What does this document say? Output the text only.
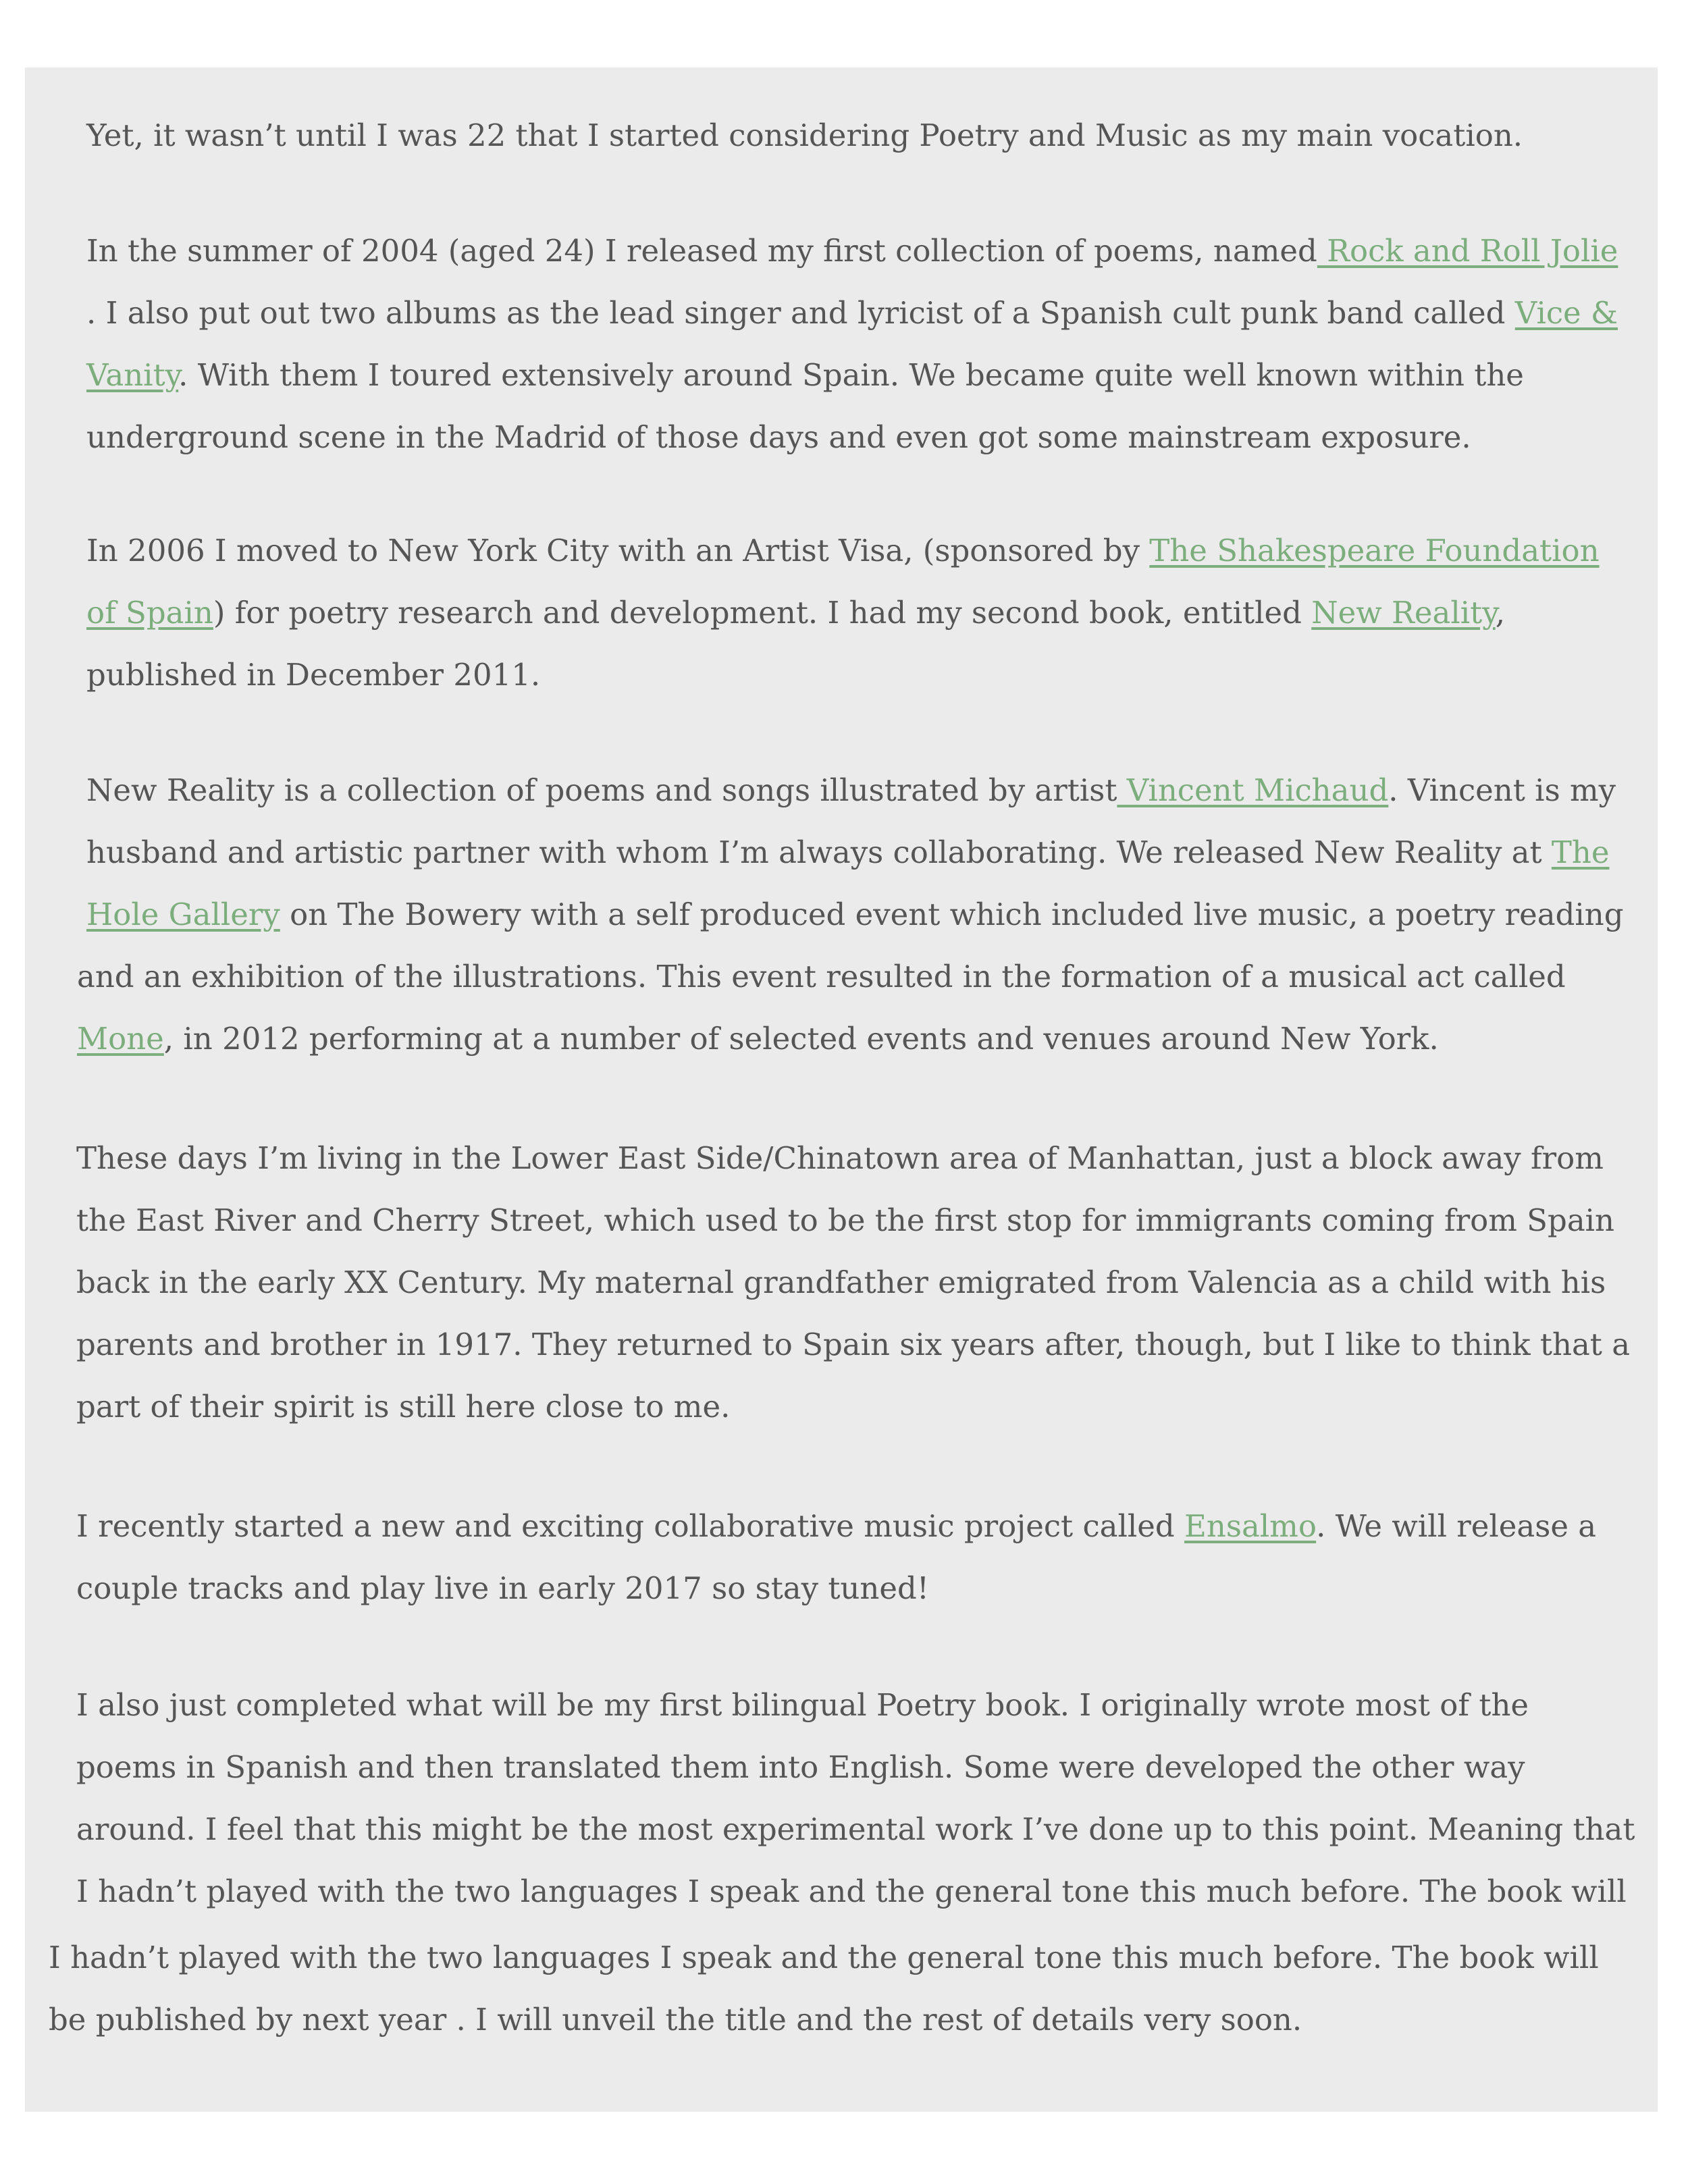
Yet, it wasn’t until I was 22 that I started considering Poetry and Music as my main vocation.
In the summer of 2004 (aged 24) I released my first collection of poems, named Rock and Roll Jolie
. I also put out two albums as the lead singer and lyricist of a Spanish cult punk band called Vice &
Vanity. With them I toured extensively around Spain. We became quite well known within the
underground scene in the Madrid of those days and even got some mainstream exposure.
In 2006 I moved to New York City with an Artist Visa, (sponsored by The Shakespeare Foundation
of Spain) for poetry research and development. I had my second book, entitled New Reality,
published in December 2011.
New Reality is a collection of poems and songs illustrated by artist Vincent Michaud. Vincent is my
husband and artistic partner with whom I’m always collaborating. We released New Reality at The
Hole Gallery on The Bowery with a self produced event which included live music, a poetry reading
and an exhibition of the illustrations. This event resulted in the formation of a musical act called
Mone, in 2012 performing at a number of selected events and venues around New York.
These days I’m living in the Lower East Side/Chinatown area of Manhattan, just a block away from
the East River and Cherry Street, which used to be the first stop for immigrants coming from Spain
back in the early XX Century. My maternal grandfather emigrated from Valencia as a child with his
parents and brother in 1917. They returned to Spain six years after, though, but I like to think that a
part of their spirit is still here close to me.
I recently started a new and exciting collaborative music project called Ensalmo. We will release a
couple tracks and play live in early 2017 so stay tuned!
I also just completed what will be my first bilingual Poetry book. I originally wrote most of the
poems in Spanish and then translated them into English. Some were developed the other way
around. I feel that this might be the most experimental work I’ve done up to this point. Meaning that
I hadn’t played with the two languages I speak and the general tone this much before. The book will
I hadn’t played with the two languages I speak and the general tone this much before. The book will
be published by next year . I will unveil the title and the rest of details very soon.
